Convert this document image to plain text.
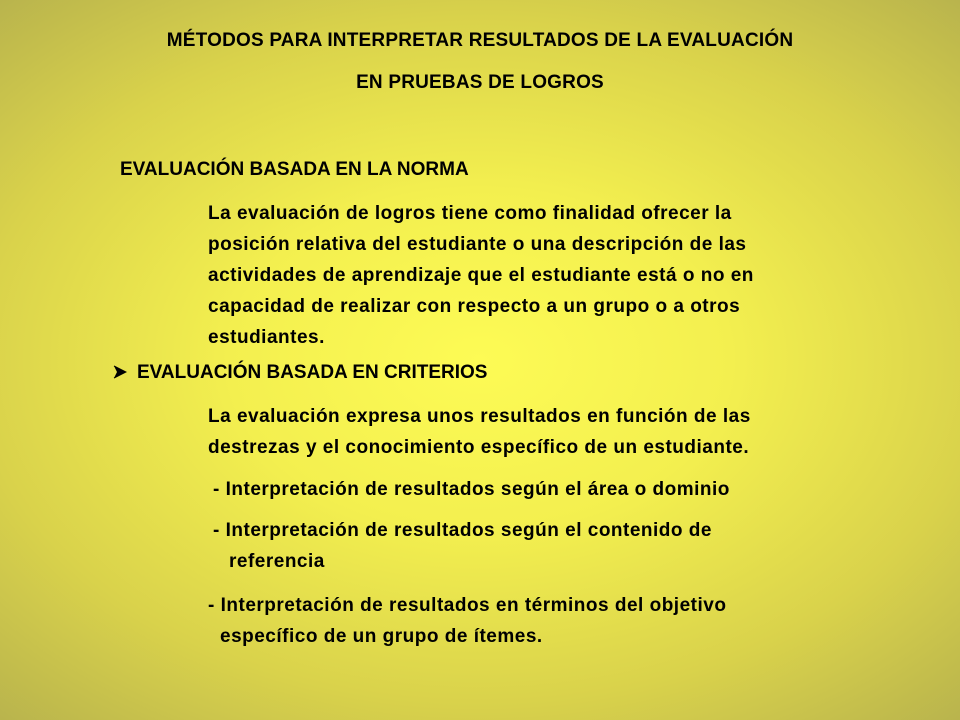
MÉTODOS PARA INTERPRETAR RESULTADOS DE LA EVALUACIÓN
EN PRUEBAS DE LOGROS
EVALUACIÓN BASADA EN LA NORMA
La evaluación de logros tiene como finalidad ofrecer la
posición relativa del estudiante o una descripción de las
actividades de aprendizaje que el estudiante está o no en
capacidad de realizar con respecto a un grupo o a otros
estudiantes.
EVALUACIÓN BASADA EN CRITERIOS
La evaluación expresa unos resultados en función de las
destrezas y el conocimiento específico de un estudiante.
- Interpretación de resultados según el área o dominio
- Interpretación de resultados según el contenido de
referencia
- Interpretación de resultados en términos del objetivo
específico de un grupo de ítemes.
